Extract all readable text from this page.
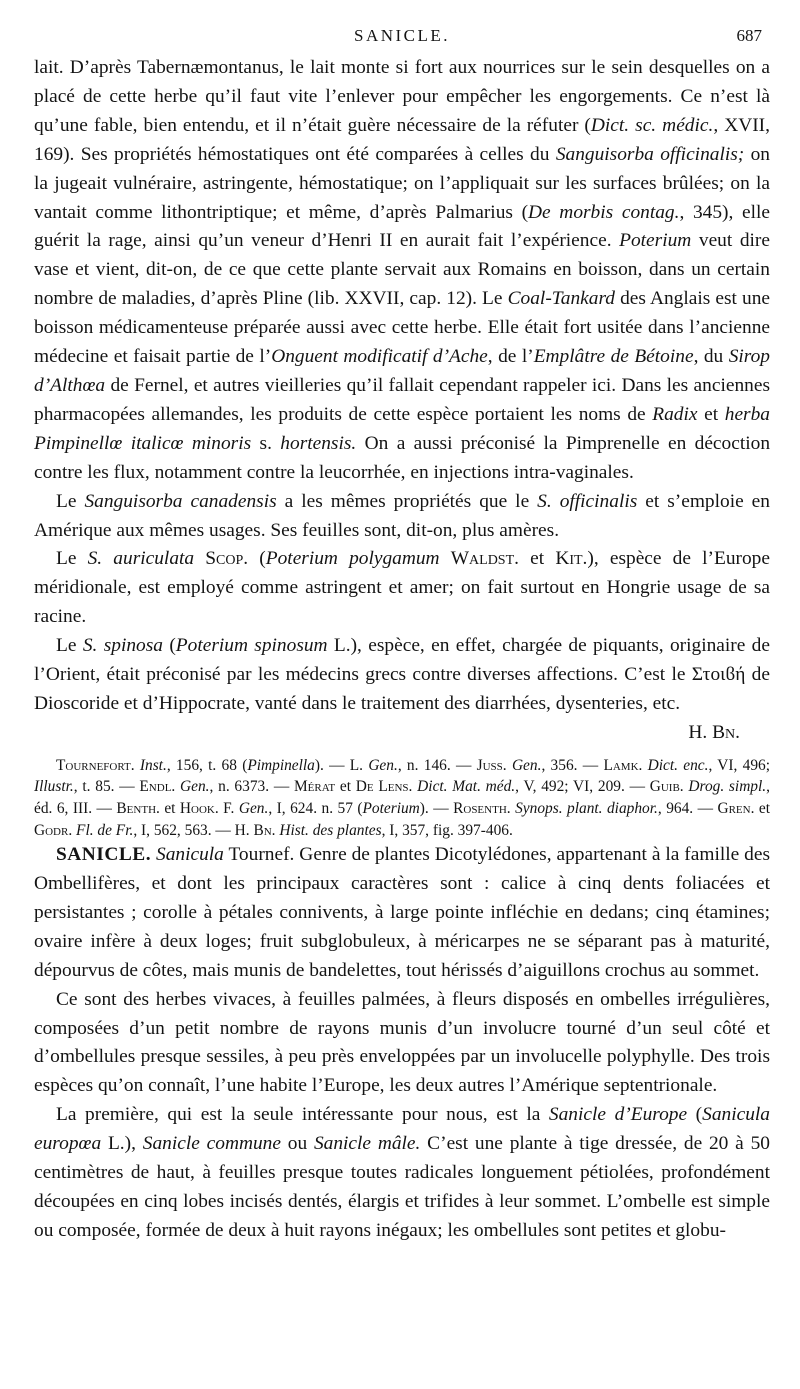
SANICLE.	687

lait. D’après Tabernæmontanus, le lait monte si fort aux nourrices sur le sein desquelles on a placé de cette herbe qu’il faut vite l’enlever pour empêcher les engorgements. Ce n’est là qu’une fable, bien entendu, et il n’était guère nécessaire de la réfuter (Dict. sc. médic., XVII, 169). Ses propriétés hémostatiques ont été comparées à celles du Sanguisorba officinalis; on la jugeait vulnéraire, astringente, hémostatique; on l’appliquait sur les surfaces brûlées; on la vantait comme lithontriptique; et même, d’après Palmarius (De morbis contag., 345), elle guérit la rage, ainsi qu’un veneur d’Henri II en aurait fait l’expérience. Poterium veut dire vase et vient, dit-on, de ce que cette plante servait aux Romains en boisson, dans un certain nombre de maladies, d’après Pline (lib. XXVII, cap. 12). Le Coal-Tankard des Anglais est une boisson médicamenteuse préparée aussi avec cette herbe. Elle était fort usitée dans l’ancienne médecine et faisait partie de l’Onguent modificatif d’Ache, de l’Emplâtre de Bétoine, du Sirop d’Althœa de Fernel, et autres vieilleries qu’il fallait cependant rappeler ici. Dans les anciennes pharmacopées allemandes, les produits de cette espèce portaient les noms de Radix et herba Pimpinellœ italicœ minoris s. hortensis. On a aussi préconisé la Pimprenelle en décoction contre les flux, notamment contre la leucorrhée, en injections intra-vaginales.

Le Sanguisorba canadensis a les mêmes propriétés que le S. officinalis et s’emploie en Amérique aux mêmes usages. Ses feuilles sont, dit-on, plus amères.

Le S. auriculata Scop. (Poterium polygamum Waldst. et Kit.), espèce de l’Europe méridionale, est employé comme astringent et amer; on fait surtout en Hongrie usage de sa racine.

Le S. spinosa (Poterium spinosum L.), espèce, en effet, chargée de piquants, originaire de l’Orient, était préconisé par les médecins grecs contre diverses affections. C’est le Στοιϐή de Dioscoride et d’Hippocrate, vanté dans le traitement des diarrhées, dysenteries, etc.
H. Bn.

Tournefort. Inst., 156, t. 68 (Pimpinella). — L. Gen., n. 146. — Juss. Gen., 356. — Lamk. Dict. enc., VI, 496; Illustr., t. 85. — Endl. Gen., n. 6373. — Mérat et De Lens. Dict. Mat. méd., V, 492; VI, 209. — Guib. Drog. simpl., éd. 6, III. — Benth. et Hook. F. Gen., I, 624. n. 57 (Poterium). — Rosenth. Synops. plant. diaphor., 964. — Gren. et Godr. Fl. de Fr., I, 562, 563. — H. Bn. Hist. des plantes, I, 357, fig. 397-406.

SANICLE. Sanicula Tournef. Genre de plantes Dicotylédones, appartenant à la famille des Ombellifères, et dont les principaux caractères sont : calice à cinq dents foliacées et persistantes ; corolle à pétales connivents, à large pointe infléchie en dedans; cinq étamines; ovaire infère à deux loges; fruit subglobuleux, à méricarpes ne se séparant pas à maturité, dépourvus de côtes, mais munis de bandelettes, tout hérissés d’aiguillons crochus au sommet.

Ce sont des herbes vivaces, à feuilles palmées, à fleurs disposés en ombelles irrégulières, composées d’un petit nombre de rayons munis d’un involucre tourné d’un seul côté et d’ombellules presque sessiles, à peu près enveloppées par un involucelle polyphylle. Des trois espèces qu’on connaît, l’une habite l’Europe, les deux autres l’Amérique septentrionale.

La première, qui est la seule intéressante pour nous, est la Sanicle d’Europe (Sanicula europœa L.), Sanicle commune ou Sanicle mâle. C’est une plante à tige dressée, de 20 à 50 centimètres de haut, à feuilles presque toutes radicales longuement pétiolées, profondément découpées en cinq lobes incisés dentés, élargis et trifides à leur sommet. L’ombelle est simple ou composée, formée de deux à huit rayons inégaux; les ombellules sont petites et globu-
